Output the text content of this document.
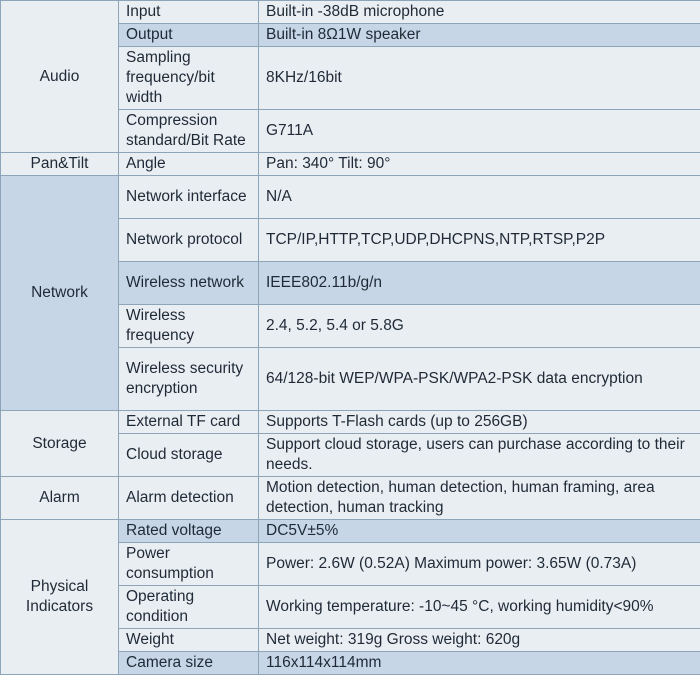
Audio	Input	Built-in -38dB microphone
	Output	Built-in 8Ω1W speaker
	Sampling frequency/bit width	8KHz/16bit
	Compression standard/Bit Rate	G711A
Pan&Tilt	Angle	Pan: 340° Tilt: 90°
Network	Network interface	N/A
	Network protocol	TCP/IP,HTTP,TCP,UDP,DHCPNS,NTP,RTSP,P2P
	Wireless network	IEEE802.11b/g/n
	Wireless frequency	2.4, 5.2, 5.4 or 5.8G
	Wireless security encryption	64/128-bit WEP/WPA-PSK/WPA2-PSK data encryption
Storage	External TF card	Supports T-Flash cards (up to 256GB)
	Cloud storage	Support cloud storage, users can purchase according to their needs.
Alarm	Alarm detection	Motion detection, human detection, human framing, area detection, human tracking
Physical Indicators	Rated voltage	DC5V±5%
	Power consumption	Power: 2.6W (0.52A) Maximum power: 3.65W (0.73A)
	Operating condition	Working temperature: -10~45 °C, working humidity<90%
	Weight	Net weight: 319g Gross weight: 620g
	Camera size	116x114x114mm
